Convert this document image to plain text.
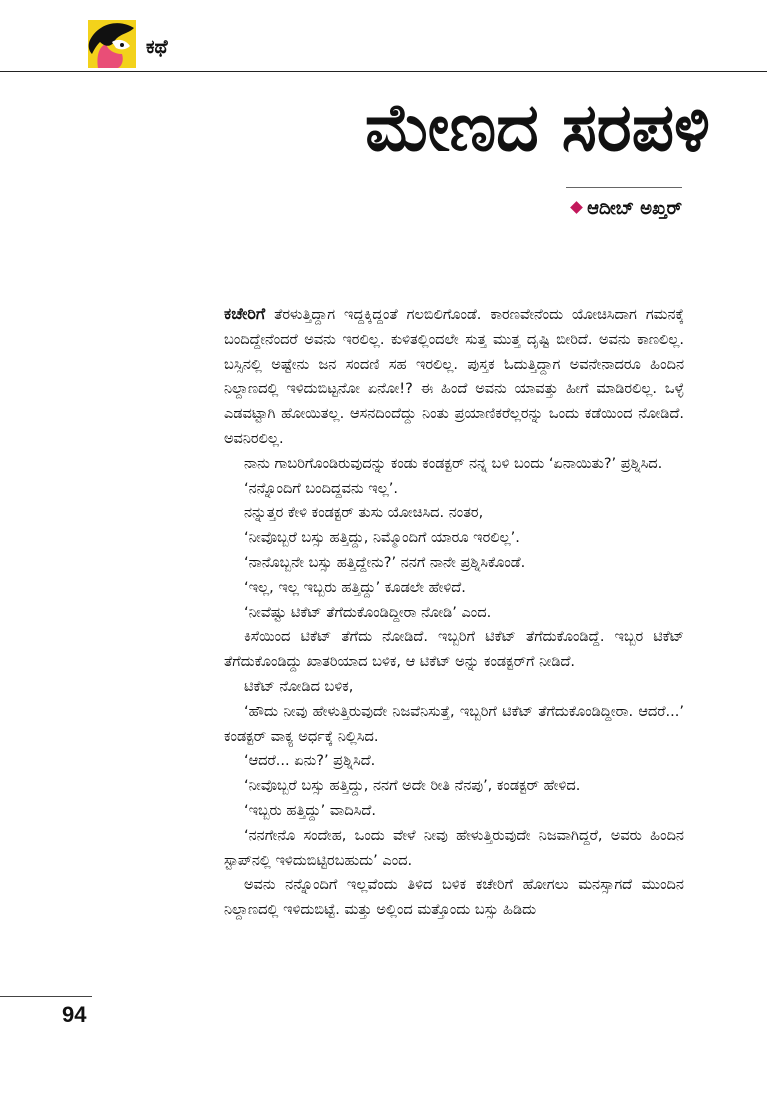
ಕಥೆ
ಮೇಣದ ಸರಪಳಿ
ಆದೀಬ್ ಅಖ್ತರ್

ಕಚೇರಿಗೆ ತೆರಳುತ್ತಿದ್ದಾಗ ಇದ್ದಕ್ಕಿದ್ದಂತೆ ಗಲಬಿಲಿಗೊಂಡೆ. ಕಾರಣವೇನೆಂದು ಯೋಚಿಸಿದಾಗ ಗಮನಕ್ಕೆ ಬಂದಿದ್ದೇನೆಂದರೆ ಅವನು ಇರಲಿಲ್ಲ. ಕುಳಿತಲ್ಲಿಂದಲೇ ಸುತ್ತ ಮುತ್ತ ದೃಷ್ಟಿ ಬೀರಿದೆ. ಅವನು ಕಾಣಲಿಲ್ಲ. ಬಸ್ಸಿನಲ್ಲಿ ಅಷ್ಟೇನು ಜನ ಸಂದಣಿ ಸಹ ಇರಲಿಲ್ಲ. ಪುಸ್ತಕ ಓದುತ್ತಿದ್ದಾಗ ಅವನೇನಾದರೂ ಹಿಂದಿನ ನಿಲ್ದಾಣದಲ್ಲಿ ಇಳಿದುಬಿಟ್ಟನೋ ಏನೋ!? ಈ ಹಿಂದೆ ಅವನು ಯಾವತ್ತು ಹೀಗೆ ಮಾಡಿರಲಿಲ್ಲ. ಒಳ್ಳೆ ಎಡವಟ್ಟಾಗಿ ಹೋಯಿತಲ್ಲ. ಆಸನದಿಂದೆದ್ದು ನಿಂತು ಪ್ರಯಾಣಿಕರೆಲ್ಲರನ್ನು ಒಂದು ಕಡೆಯಿಂದ ನೋಡಿದೆ. ಅವನಿರಲಿಲ್ಲ.

ನಾನು ಗಾಬರಿಗೊಂಡಿರುವುದನ್ನು ಕಂಡು ಕಂಡಕ್ಟರ್ ನನ್ನ ಬಳಿ ಬಂದು ‘ಏನಾಯಿತು?’ ಪ್ರಶ್ನಿಸಿದ.

‘ನನ್ನೊಂದಿಗೆ ಬಂದಿದ್ದವನು ಇಲ್ಲ’.

ನನ್ನುತ್ತರ ಕೇಳಿ ಕಂಡಕ್ಟರ್ ತುಸು ಯೋಚಿಸಿದ. ನಂತರ,

‘ನೀವೊಬ್ಬರೆ ಬಸ್ಸು ಹತ್ತಿದ್ದು, ನಿಮ್ಮೊಂದಿಗೆ ಯಾರೂ ಇರಲಿಲ್ಲ’.

‘ನಾನೊಬ್ಬನೇ ಬಸ್ಸು ಹತ್ತಿದ್ದೇನು?’ ನನಗೆ ನಾನೇ ಪ್ರಶ್ನಿಸಿಕೊಂಡೆ.

‘ಇಲ್ಲ, ಇಲ್ಲ ಇಬ್ಬರು ಹತ್ತಿದ್ದು’ ಕೂಡಲೇ ಹೇಳಿದೆ.

‘ನೀವೆಷ್ಟು ಟಿಕೆಟ್ ತೆಗೆದುಕೊಂಡಿದ್ದೀರಾ ನೋಡಿ’ ಎಂದ.

ಕಿಸೆಯಿಂದ ಟಿಕೆಟ್ ತೆಗೆದು ನೋಡಿದೆ. ಇಬ್ಬರಿಗೆ ಟಿಕೆಟ್ ತೆಗೆದುಕೊಂಡಿದ್ದೆ. ಇಬ್ಬರ ಟಿಕೆಟ್ ತೆಗೆದುಕೊಂಡಿದ್ದು ಖಾತರಿಯಾದ ಬಳಿಕ, ಆ ಟಿಕೆಟ್ ಅನ್ನು ಕಂಡಕ್ಟರ್‌ಗೆ ನೀಡಿದೆ.

ಟಿಕೆಟ್ ನೋಡಿದ ಬಳಿಕ,

‘ಹೌದು ನೀವು ಹೇಳುತ್ತಿರುವುದೇ ನಿಜವೆನಿಸುತ್ತೆ, ಇಬ್ಬರಿಗೆ ಟಿಕೆಟ್ ತೆಗೆದುಕೊಂಡಿದ್ದೀರಾ. ಆದರೆ...’ ಕಂಡಕ್ಟರ್ ವಾಕ್ಯ ಅರ್ಧಕ್ಕೆ ನಿಲ್ಲಿಸಿದ.

‘ಆದರೆ... ಏನು?’ ಪ್ರಶ್ನಿಸಿದೆ.

‘ನೀವೊಬ್ಬರೆ ಬಸ್ಸು ಹತ್ತಿದ್ದು, ನನಗೆ ಅದೇ ರೀತಿ ನೆನಪು’, ಕಂಡಕ್ಟರ್ ಹೇಳಿದ.

‘ಇಬ್ಬರು ಹತ್ತಿದ್ದು’ ವಾದಿಸಿದೆ.

‘ನನಗೇನೊ ಸಂದೇಹ, ಒಂದು ವೇಳೆ ನೀವು ಹೇಳುತ್ತಿರುವುದೇ ನಿಜವಾಗಿದ್ದರೆ, ಅವರು ಹಿಂದಿನ ಸ್ಟಾಪ್‌ನಲ್ಲಿ ಇಳಿದುಬಿಟ್ಟಿರಬಹುದು’ ಎಂದ.

ಅವನು ನನ್ನೊಂದಿಗೆ ಇಲ್ಲವೆಂದು ತಿಳಿದ ಬಳಿಕ ಕಚೇರಿಗೆ ಹೋಗಲು ಮನಸ್ಸಾಗದೆ ಮುಂದಿನ ನಿಲ್ದಾಣದಲ್ಲಿ ಇಳಿದುಬಿಟ್ಟೆ. ಮತ್ತು ಅಲ್ಲಿಂದ ಮತ್ತೊಂದು ಬಸ್ಸು ಹಿಡಿದು

94
